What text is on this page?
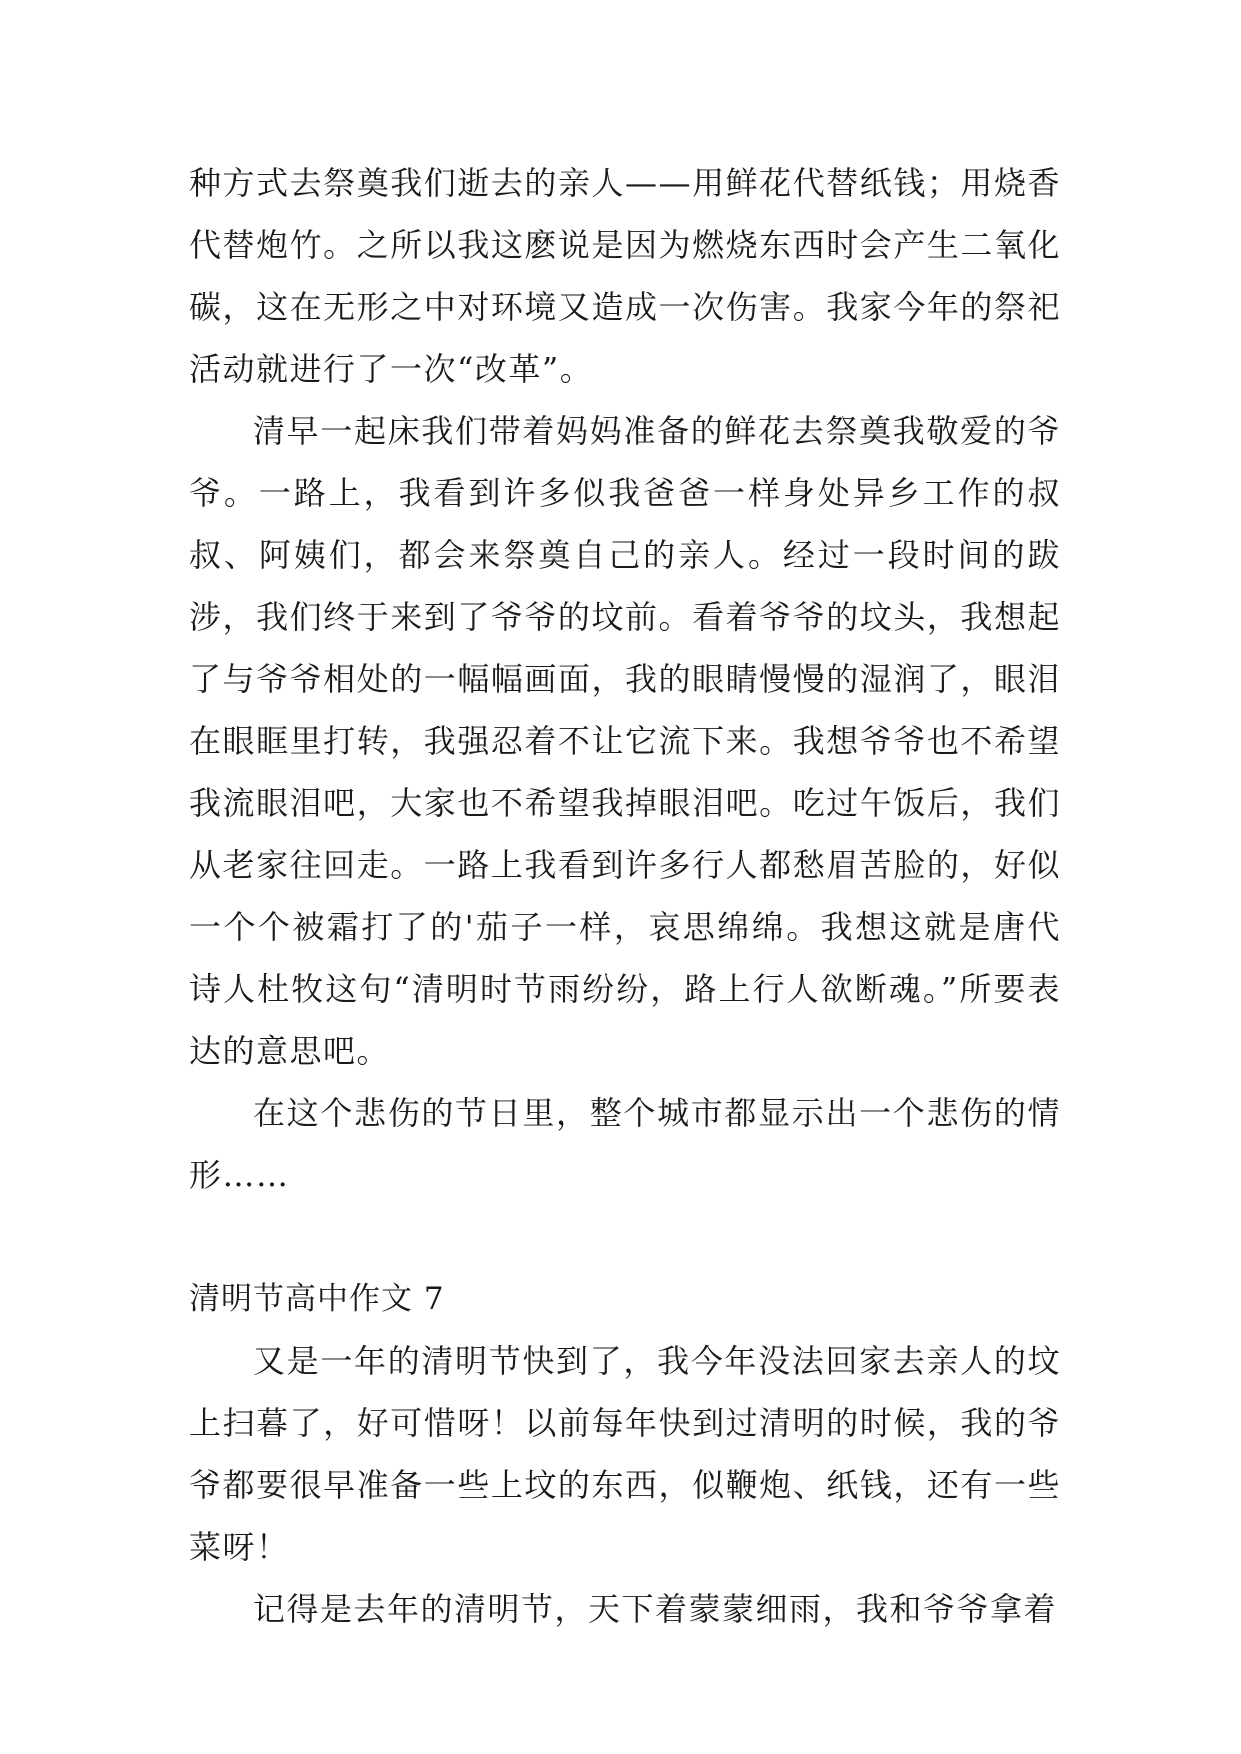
种方式去祭奠我们逝去的亲人——用鲜花代替纸钱；用烧香代替炮竹。之所以我这麽说是因为燃烧东西时会产生二氧化碳，这在无形之中对环境又造成一次伤害。我家今年的祭祀活动就进行了一次“改革”。

清早一起床我们带着妈妈准备的鲜花去祭奠我敬爱的爷爷。一路上，我看到许多似我爸爸一样身处异乡工作的叔叔、阿姨们，都会来祭奠自己的亲人。经过一段时间的跋涉，我们终于来到了爷爷的坟前。看着爷爷的坟头，我想起了与爷爷相处的一幅幅画面，我的眼睛慢慢的湿润了，眼泪在眼眶里打转，我强忍着不让它流下来。我想爷爷也不希望我流眼泪吧，大家也不希望我掉眼泪吧。吃过午饭后，我们从老家往回走。一路上我看到许多行人都愁眉苦脸的，好似一个个被霜打了的'茄子一样，哀思绵绵。我想这就是唐代诗人杜牧这句“清明时节雨纷纷，路上行人欲断魂。”所要表达的意思吧。

在这个悲伤的节日里，整个城市都显示出一个悲伤的情形……

清明节高中作文 7

又是一年的清明节快到了，我今年没法回家去亲人的坟上扫暮了，好可惜呀！以前每年快到过清明的时候，我的爷爷都要很早准备一些上坟的东西，似鞭炮、纸钱，还有一些菜呀！

记得是去年的清明节，天下着蒙蒙细雨，我和爷爷拿着
